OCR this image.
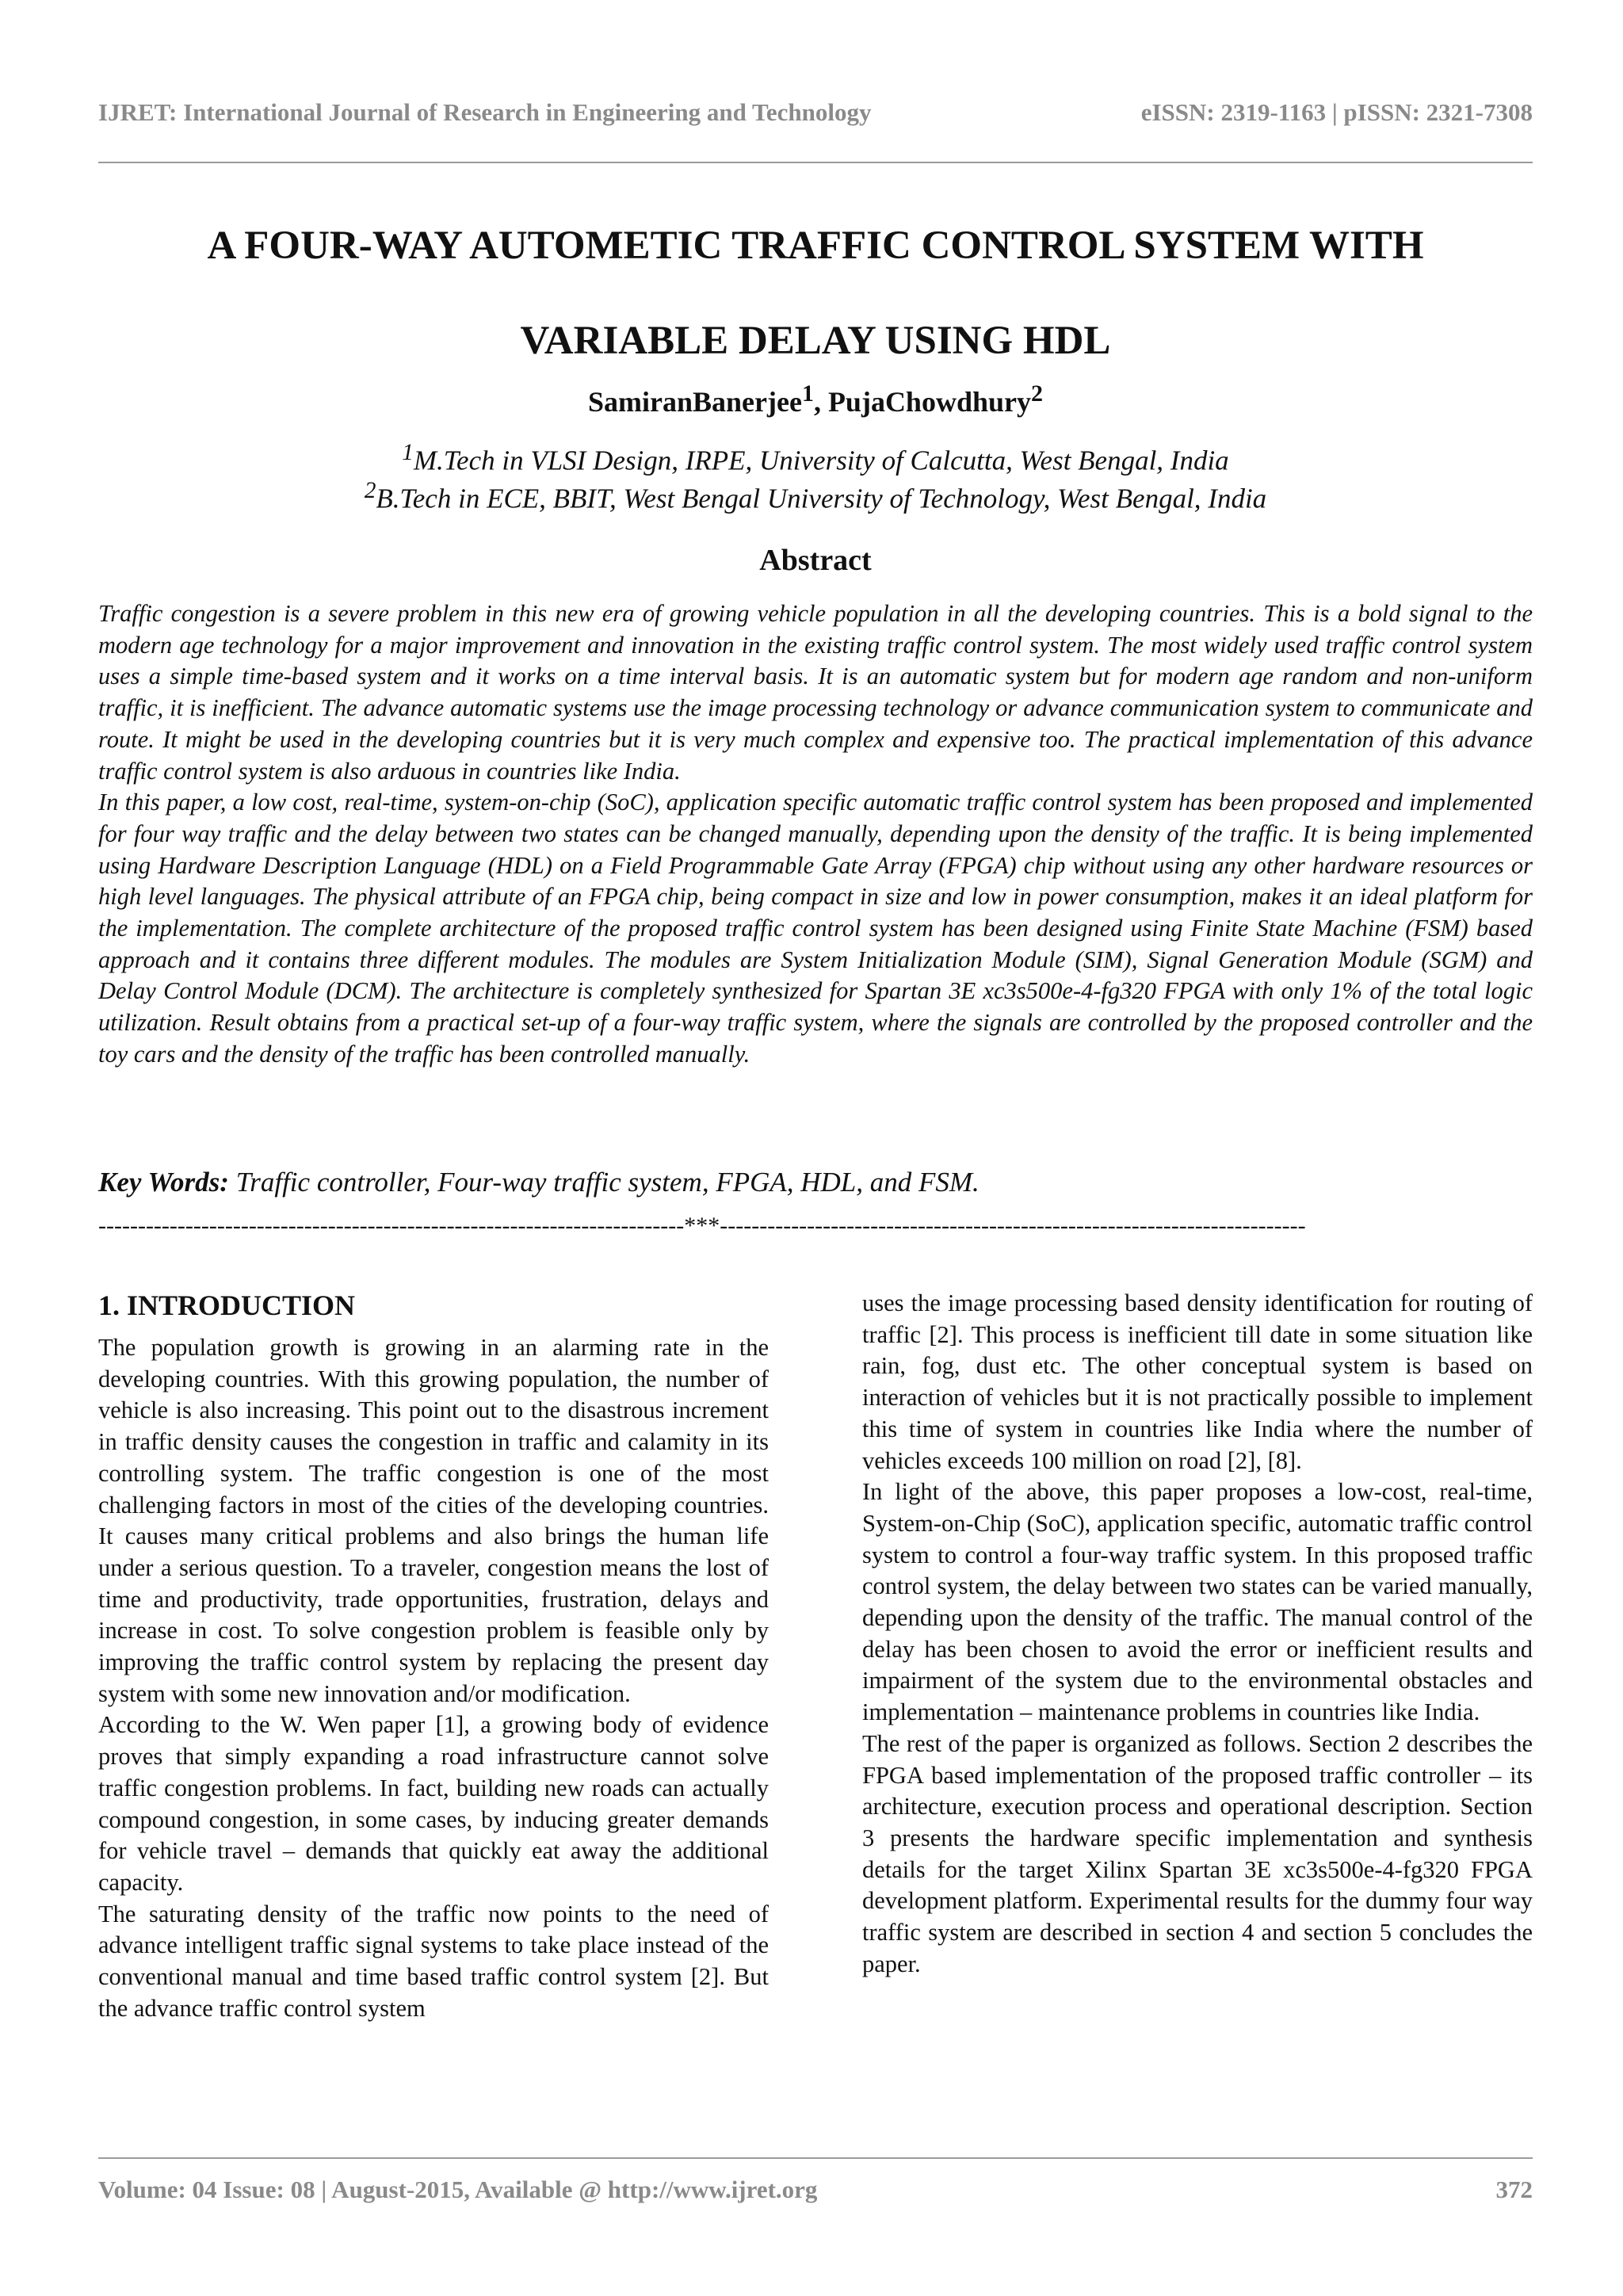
IJRET: International Journal of Research in Engineering and Technology	eISSN: 2319-1163 | pISSN: 2321-7308
A FOUR-WAY AUTOMETIC TRAFFIC CONTROL SYSTEM WITH
VARIABLE DELAY USING HDL
SamiranBanerjee$^1$, PujaChowdhury$^2$
$^1$M.Tech in VLSI Design, IRPE, University of Calcutta, West Bengal, India
$^2$B.Tech in ECE, BBIT, West Bengal University of Technology, West Bengal, India
Abstract

Traffic congestion is a severe problem in this new era of growing vehicle population in all the developing countries. This is a bold signal to the modern age technology for a major improvement and innovation in the existing traffic control system. The most widely used traffic control system uses a simple time-based system and it works on a time interval basis. It is an automatic system but for modern age random and non-uniform traffic, it is inefficient. The advance automatic systems use the image processing technology or advance communication system to communicate and route. It might be used in the developing countries but it is very much complex and expensive too. The practical implementation of this advance traffic control system is also arduous in countries like India.

In this paper, a low cost, real-time, system-on-chip (SoC), application specific automatic traffic control system has been proposed and implemented for four way traffic and the delay between two states can be changed manually, depending upon the density of the traffic. It is being implemented using Hardware Description Language (HDL) on a Field Programmable Gate Array (FPGA) chip without using any other hardware resources or high level languages. The physical attribute of an FPGA chip, being compact in size and low in power consumption, makes it an ideal platform for the implementation. The complete architecture of the proposed traffic control system has been designed using Finite State Machine (FSM) based approach and it contains three different modules. The modules are System Initialization Module (SIM), Signal Generation Module (SGM) and Delay Control Module (DCM). The architecture is completely synthesized for Spartan 3E xc3s500e-4-fg320 FPGA with only 1% of the total logic utilization. Result obtains from a practical set-up of a four-way traffic system, where the signals are controlled by the proposed controller and the toy cars and the density of the traffic has been controlled manually.

Key Words: Traffic controller, Four-way traffic system, FPGA, HDL, and FSM.
--------------------------------------------------------------------------***--------------------------------------------------------------------------

1. INTRODUCTION

The population growth is growing in an alarming rate in the developing countries. With this growing population, the number of vehicle is also increasing. This point out to the disastrous increment in traffic density causes the congestion in traffic and calamity in its controlling system. The traffic congestion is one of the most challenging factors in most of the cities of the developing countries. It causes many critical problems and also brings the human life under a serious question. To a traveler, congestion means the lost of time and productivity, trade opportunities, frustration, delays and increase in cost. To solve congestion problem is feasible only by improving the traffic control system by replacing the present day system with some new innovation and/or modification.

According to the W. Wen paper [1], a growing body of evidence proves that simply expanding a road infrastructure cannot solve traffic congestion problems. In fact, building new roads can actually compound congestion, in some cases, by inducing greater demands for vehicle travel – demands that quickly eat away the additional capacity.

The saturating density of the traffic now points to the need of advance intelligent traffic signal systems to take place instead of the conventional manual and time based traffic control system [2]. But the advance traffic control system

uses the image processing based density identification for routing of traffic [2]. This process is inefficient till date in some situation like rain, fog, dust etc. The other conceptual system is based on interaction of vehicles but it is not practically possible to implement this time of system in countries like India where the number of vehicles exceeds 100 million on road [2], [8].

In light of the above, this paper proposes a low-cost, real-time, System-on-Chip (SoC), application specific, automatic traffic control system to control a four-way traffic system. In this proposed traffic control system, the delay between two states can be varied manually, depending upon the density of the traffic. The manual control of the delay has been chosen to avoid the error or inefficient results and impairment of the system due to the environmental obstacles and implementation – maintenance problems in countries like India.

The rest of the paper is organized as follows. Section 2 describes the FPGA based implementation of the proposed traffic controller – its architecture, execution process and operational description. Section 3 presents the hardware specific implementation and synthesis details for the target Xilinx Spartan 3E xc3s500e-4-fg320 FPGA development platform. Experimental results for the dummy four way traffic system are described in section 4 and section 5 concludes the paper.

Volume: 04 Issue: 08 | August-2015, Available @ http://www.ijret.org	372
